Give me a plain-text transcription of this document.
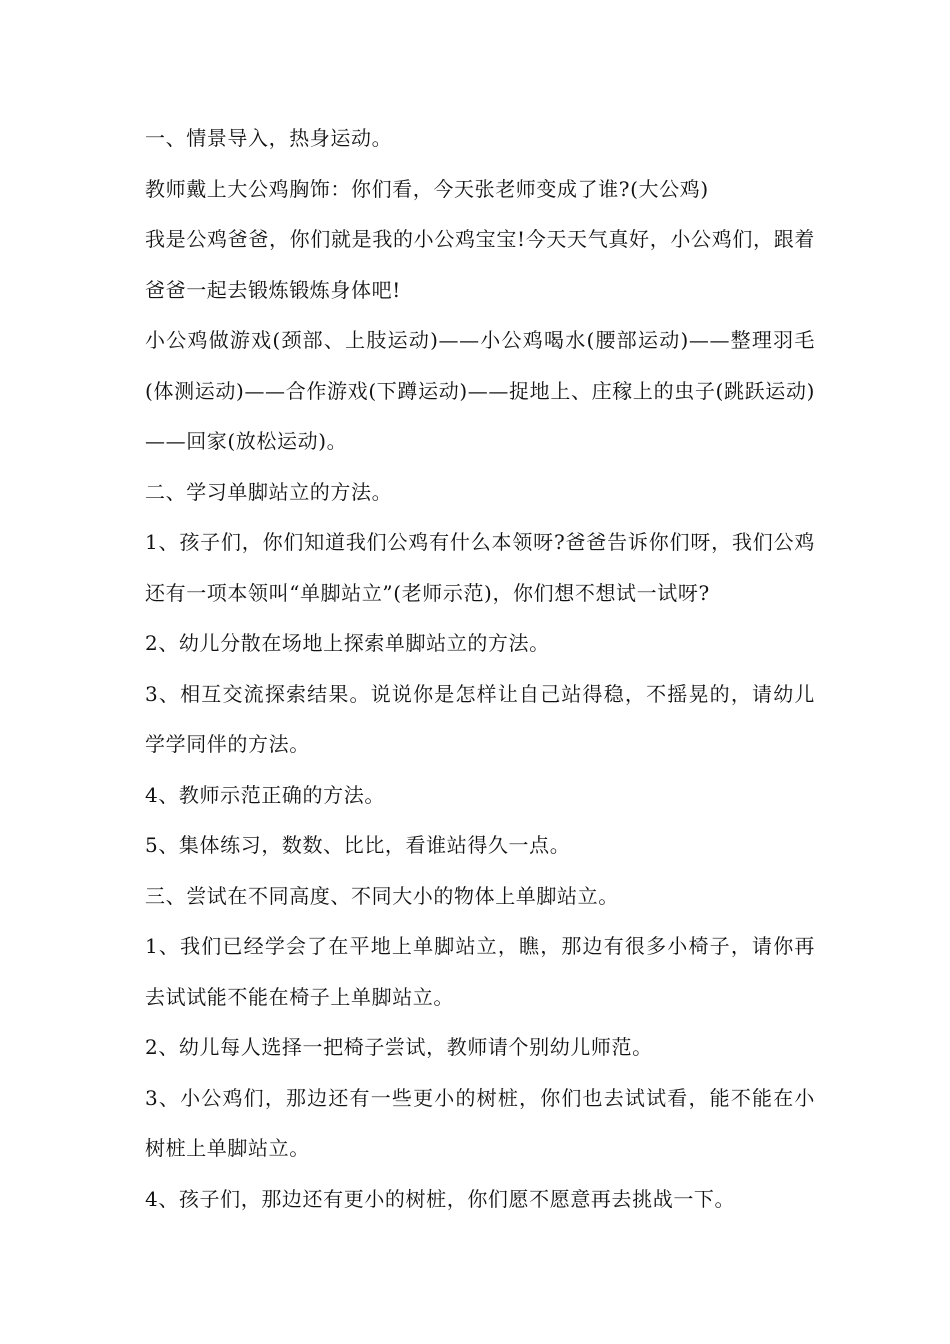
一、情景导入，热身运动。

教师戴上大公鸡胸饰：你们看，今天张老师变成了谁?(大公鸡)

我是公鸡爸爸，你们就是我的小公鸡宝宝!今天天气真好，小公鸡们，跟着爸爸一起去锻炼锻炼身体吧!

小公鸡做游戏(颈部、上肢运动)——小公鸡喝水(腰部运动)——整理羽毛(体测运动)——合作游戏(下蹲运动)——捉地上、庄稼上的虫子(跳跃运动)——回家(放松运动)。

二、学习单脚站立的方法。

1、孩子们，你们知道我们公鸡有什么本领呀?爸爸告诉你们呀，我们公鸡还有一项本领叫“单脚站立”(老师示范)，你们想不想试一试呀?

2、幼儿分散在场地上探索单脚站立的方法。

3、相互交流探索结果。说说你是怎样让自己站得稳，不摇晃的，请幼儿学学同伴的方法。

4、教师示范正确的方法。

5、集体练习，数数、比比，看谁站得久一点。

三、尝试在不同高度、不同大小的物体上单脚站立。

1、我们已经学会了在平地上单脚站立，瞧，那边有很多小椅子，请你再去试试能不能在椅子上单脚站立。

2、幼儿每人选择一把椅子尝试，教师请个别幼儿师范。

3、小公鸡们，那边还有一些更小的树桩，你们也去试试看，能不能在小树桩上单脚站立。

4、孩子们，那边还有更小的树桩，你们愿不愿意再去挑战一下。
